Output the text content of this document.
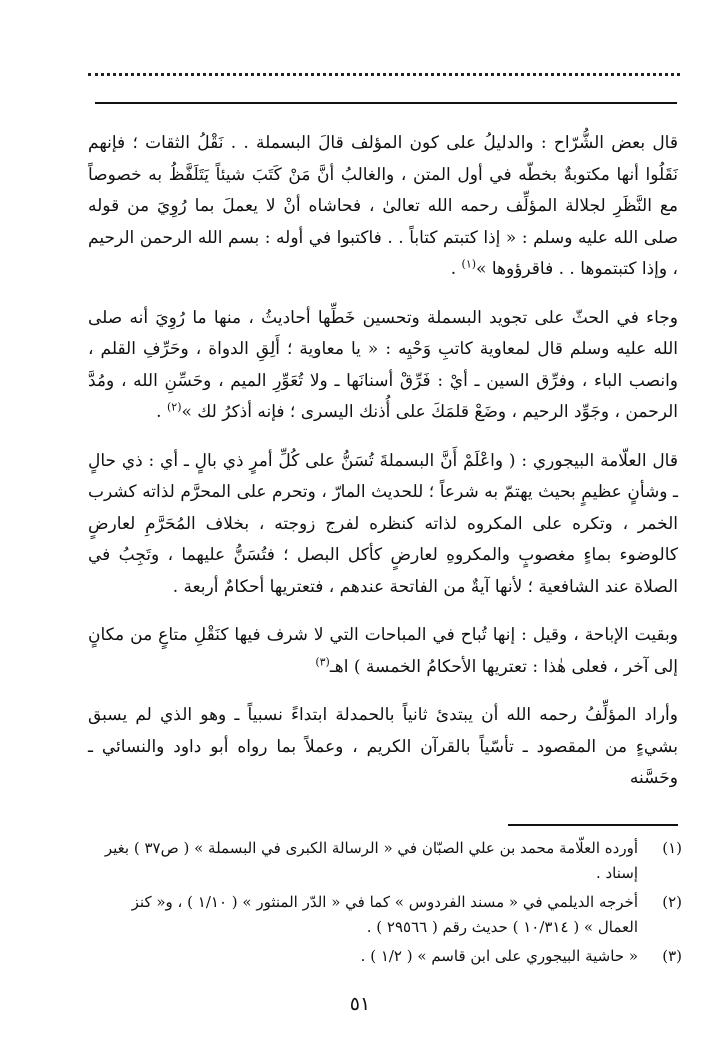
قال بعض الشُّرّاح : والدليلُ على كون المؤلف قالَ البسملة . . نَقْلُ الثقات ؛ فإنهم نَقَلُوا أنها مكتوبةٌ بخطّه في أول المتن ، والغالبُ أنَّ مَنْ كَتَبَ شيئاً يَتَلَفَّظُ به خصوصاً مع النَّظَرِ لجلالة المؤلِّف رحمه الله تعالىٰ ، فحاشاه أنْ لا يعملَ بما رُوِيَ من قوله صلى الله عليه وسلم : « إذا كتبتم كتاباً . . فاكتبوا في أوله : بسم الله الرحمن الرحيم ، وإذا كتبتموها . . فاقرؤوها »$^{(١)}$ .

وجاء في الحثّ على تجويد البسملة وتحسين خَطِّها أحاديثُ ، منها ما رُوِيَ أنه صلى الله عليه وسلم قال لمعاوية كاتبِ وَحْيِه : « يا معاوية ؛ أَلِقِ الدواة ، وحَرِّفِ القلم ، وانصب الباء ، وفرِّق السين ـ أيْ : فَرِّقْ أسنانَها ـ ولا تُعَوِّرِ الميم ، وحَسِّنِ الله ، ومُدَّ الرحمن ، وجَوِّد الرحيم ، وضَعْ قلمَكَ على أُذنك اليسرى ؛ فإنه أذكرُ لك »$^{(٢)}$ .

قال العلّامة البيجوري : ( واعْلَمْ أَنَّ البسملةَ تُسَنُّ على كُلِّ أمرٍ ذي بالٍ ـ أي : ذي حالٍ ـ وشأنٍ عظيمٍ بحيث يهتمّ به شرعاً ؛ للحديث المارّ ، وتحرم على المحرَّم لذاته كشرب الخمر ، وتكره على المكروه لذاته كنظره لفرج زوجته ، بخلاف المُحَرَّمِ لعارضٍ كالوضوء بماءٍ مغصوبٍ والمكروهِ لعارضٍ كأكل البصل ؛ فتُسَنُّ عليهما ، وتَجِبُ في الصلاة عند الشافعية ؛ لأنها آيةٌ من الفاتحة عندهم ، فتعتريها أحكامٌ أربعة .

وبقيت الإباحة ، وقيل : إنها تُباح في المباحات التي لا شرف فيها كنَقْلِ متاعٍ من مكانٍ إلى آخر ، فعلى هٰذا : تعتريها الأحكامُ الخمسة ) اهـ$^{(٣)}$

وأراد المؤلِّفُ رحمه الله أن يبتدئ ثانياً بالحمدلة ابتداءً نسبياً ـ وهو الذي لم يسبق بشيءٍ من المقصود ـ تأسّياً بالقرآن الكريم ، وعملاً بما رواه أبو داود والنسائي ـ وحَسَّنه

(١)
أورده العلّامة محمد بن علي الصبّان في « الرسالة الكبرى في البسملة » ( ص٣٧ ) بغير إسناد .
(٢)
أخرجه الديلمي في « مسند الفردوس » كما في « الدّر المنثور » ( ١/١٠ ) ، و« كنز العمال » ( ١٠/٣١٤ ) حديث رقم ( ٢٩٥٦٦ ) .
(٣)
« حاشية البيجوري على ابن قاسم » ( ١/٢ ) .
٥١
